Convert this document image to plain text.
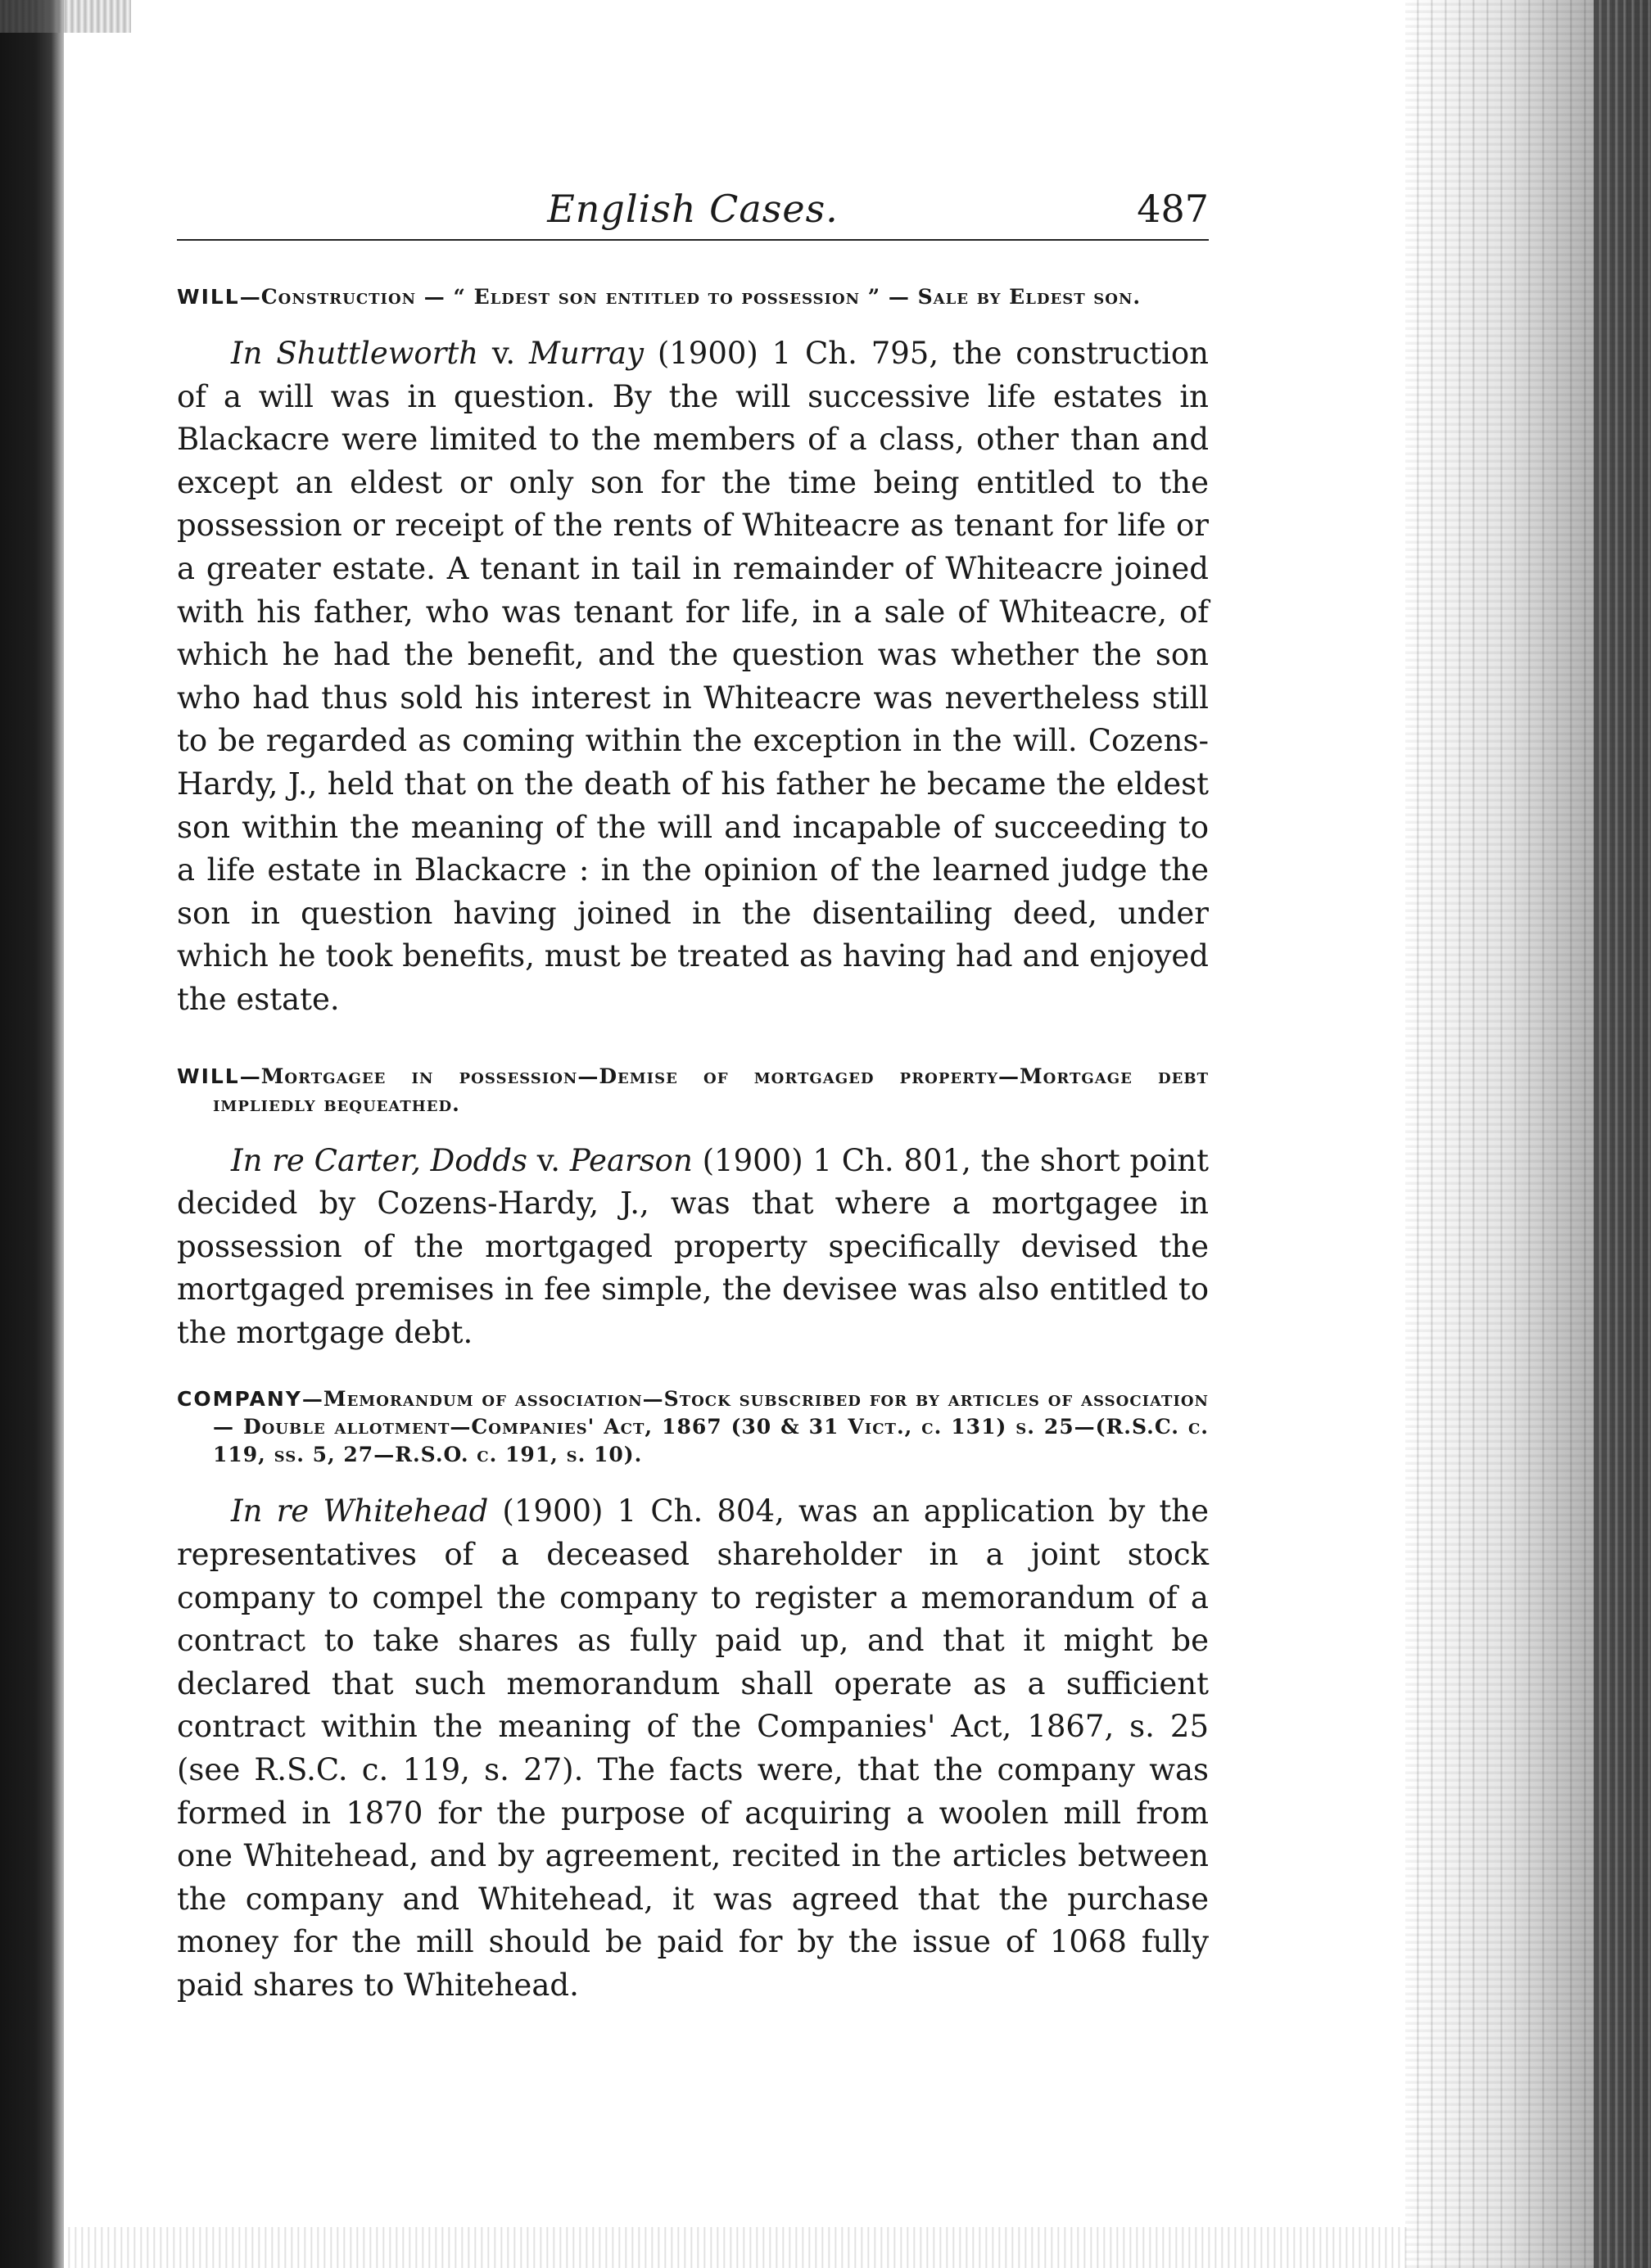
English Cases.	487
WILL—Construction — “ Eldest son entitled to possession ” — Sale by Eldest son.
In Shuttleworth v. Murray (1900) 1 Ch. 795, the construction of a will was in question. By the will successive life estates in Blackacre were limited to the members of a class, other than and except an eldest or only son for the time being entitled to the possession or receipt of the rents of Whiteacre as tenant for life or a greater estate. A tenant in tail in remainder of Whiteacre joined with his father, who was tenant for life, in a sale of Whiteacre, of which he had the benefit, and the question was whether the son who had thus sold his interest in Whiteacre was nevertheless still to be regarded as coming within the exception in the will. Cozens-Hardy, J., held that on the death of his father he became the eldest son within the meaning of the will and incapable of succeeding to a life estate in Blackacre : in the opinion of the learned judge the son in question having joined in the disentailing deed, under which he took benefits, must be treated as having had and enjoyed the estate.
WILL—Mortgagee in possession—Demise of mortgaged property—Mortgage debt impliedly bequeathed.
In re Carter, Dodds v. Pearson (1900) 1 Ch. 801, the short point decided by Cozens-Hardy, J., was that where a mortgagee in possession of the mortgaged property specifically devised the mortgaged premises in fee simple, the devisee was also entitled to the mortgage debt.
COMPANY—Memorandum of association—Stock subscribed for by articles of association — Double allotment—Companies' Act, 1867 (30 & 31 Vict., c. 131) s. 25—(R.S.C. c. 119, ss. 5, 27—R.S.O. c. 191, s. 10).
In re Whitehead (1900) 1 Ch. 804, was an application by the representatives of a deceased shareholder in a joint stock company to compel the company to register a memorandum of a contract to take shares as fully paid up, and that it might be declared that such memorandum shall operate as a sufficient contract within the meaning of the Companies' Act, 1867, s. 25 (see R.S.C. c. 119, s. 27). The facts were, that the company was formed in 1870 for the purpose of acquiring a woolen mill from one Whitehead, and by agreement, recited in the articles between the company and Whitehead, it was agreed that the purchase money for the mill should be paid for by the issue of 1068 fully paid shares to Whitehead.
